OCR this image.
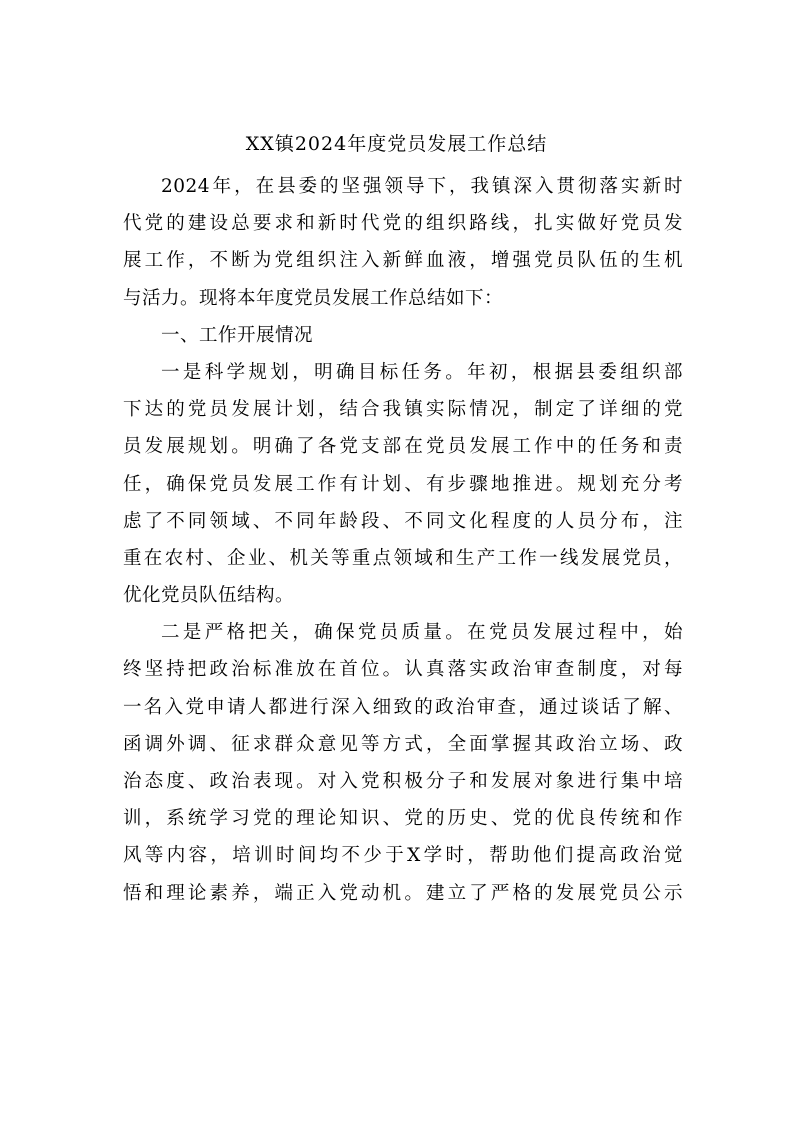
XX镇2024年度党员发展工作总结
2024年，在县委的坚强领导下，我镇深入贯彻落实新时
代党的建设总要求和新时代党的组织路线，扎实做好党员发
展工作，不断为党组织注入新鲜血液，增强党员队伍的生机
与活力。现将本年度党员发展工作总结如下：
一、工作开展情况
一是科学规划，明确目标任务。年初，根据县委组织部
下达的党员发展计划，结合我镇实际情况，制定了详细的党
员发展规划。明确了各党支部在党员发展工作中的任务和责
任，确保党员发展工作有计划、有步骤地推进。规划充分考
虑了不同领域、不同年龄段、不同文化程度的人员分布，注
重在农村、企业、机关等重点领域和生产工作一线发展党员，
优化党员队伍结构。
二是严格把关，确保党员质量。在党员发展过程中，始
终坚持把政治标准放在首位。认真落实政治审查制度，对每
一名入党申请人都进行深入细致的政治审查，通过谈话了解、
函调外调、征求群众意见等方式，全面掌握其政治立场、政
治态度、政治表现。对入党积极分子和发展对象进行集中培
训，系统学习党的理论知识、党的历史、党的优良传统和作
风等内容，培训时间均不少于X学时，帮助他们提高政治觉
悟和理论素养，端正入党动机。建立了严格的发展党员公示
